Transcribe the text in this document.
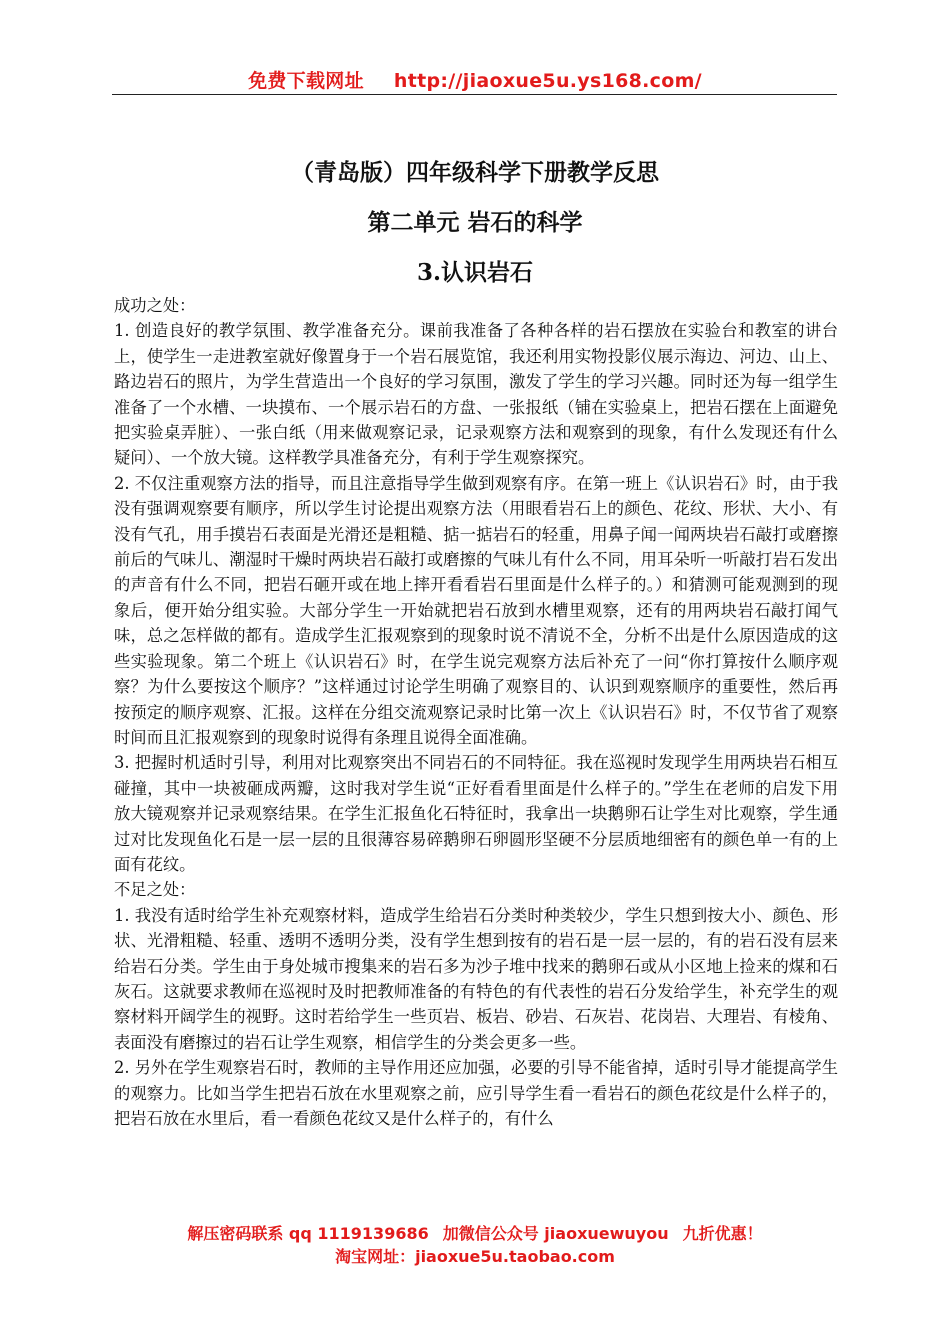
免费下载网址 http://jiaoxue5u.ys168.com/
（青岛版）四年级科学下册教学反思
第二单元 岩石的科学
3.认识岩石

成功之处：

1. 创造良好的教学氛围、教学准备充分。课前我准备了各种各样的岩石摆放在实验台和教室的讲台上，使学生一走进教室就好像置身于一个岩石展览馆，我还利用实物投影仪展示海边、河边、山上、路边岩石的照片，为学生营造出一个良好的学习氛围，激发了学生的学习兴趣。同时还为每一组学生准备了一个水槽、一块摸布、一个展示岩石的方盘、一张报纸（铺在实验桌上，把岩石摆在上面避免把实验桌弄脏）、一张白纸（用来做观察记录，记录观察方法和观察到的现象，有什么发现还有什么疑问）、一个放大镜。这样教学具准备充分，有利于学生观察探究。

2. 不仅注重观察方法的指导，而且注意指导学生做到观察有序。在第一班上《认识岩石》时，由于我没有强调观察要有顺序，所以学生讨论提出观察方法（用眼看岩石上的颜色、花纹、形状、大小、有没有气孔，用手摸岩石表面是光滑还是粗糙、掂一掂岩石的轻重，用鼻子闻一闻两块岩石敲打或磨擦前后的气味儿、潮湿时干燥时两块岩石敲打或磨擦的气味儿有什么不同，用耳朵听一听敲打岩石发出的声音有什么不同，把岩石砸开或在地上摔开看看岩石里面是什么样子的。）和猜测可能观测到的现象后，便开始分组实验。大部分学生一开始就把岩石放到水槽里观察，还有的用两块岩石敲打闻气味，总之怎样做的都有。造成学生汇报观察到的现象时说不清说不全，分析不出是什么原因造成的这些实验现象。第二个班上《认识岩石》时，在学生说完观察方法后补充了一问“你打算按什么顺序观察？为什么要按这个顺序？”这样通过讨论学生明确了观察目的、认识到观察顺序的重要性，然后再按预定的顺序观察、汇报。这样在分组交流观察记录时比第一次上《认识岩石》时，不仅节省了观察时间而且汇报观察到的现象时说得有条理且说得全面准确。

3. 把握时机适时引导，利用对比观察突出不同岩石的不同特征。我在巡视时发现学生用两块岩石相互碰撞，其中一块被砸成两瓣，这时我对学生说“正好看看里面是什么样子的。”学生在老师的启发下用放大镜观察并记录观察结果。在学生汇报鱼化石特征时，我拿出一块鹅卵石让学生对比观察，学生通过对比发现鱼化石是一层一层的且很薄容易碎鹅卵石卵圆形坚硬不分层质地细密有的颜色单一有的上面有花纹。

不足之处：

1. 我没有适时给学生补充观察材料，造成学生给岩石分类时种类较少，学生只想到按大小、颜色、形状、光滑粗糙、轻重、透明不透明分类，没有学生想到按有的岩石是一层一层的，有的岩石没有层来给岩石分类。学生由于身处城市搜集来的岩石多为沙子堆中找来的鹅卵石或从小区地上捡来的煤和石灰石。这就要求教师在巡视时及时把教师准备的有特色的有代表性的岩石分发给学生，补充学生的观察材料开阔学生的视野。这时若给学生一些页岩、板岩、砂岩、石灰岩、花岗岩、大理岩、有棱角、表面没有磨擦过的岩石让学生观察，相信学生的分类会更多一些。

2. 另外在学生观察岩石时，教师的主导作用还应加强，必要的引导不能省掉，适时引导才能提高学生的观察力。比如当学生把岩石放在水里观察之前，应引导学生看一看岩石的颜色花纹是什么样子的，把岩石放在水里后，看一看颜色花纹又是什么样子的，有什么

解压密码联系 qq 1119139686 加微信公众号 jiaoxuewuyou 九折优惠！
淘宝网址：jiaoxue5u.taobao.com
